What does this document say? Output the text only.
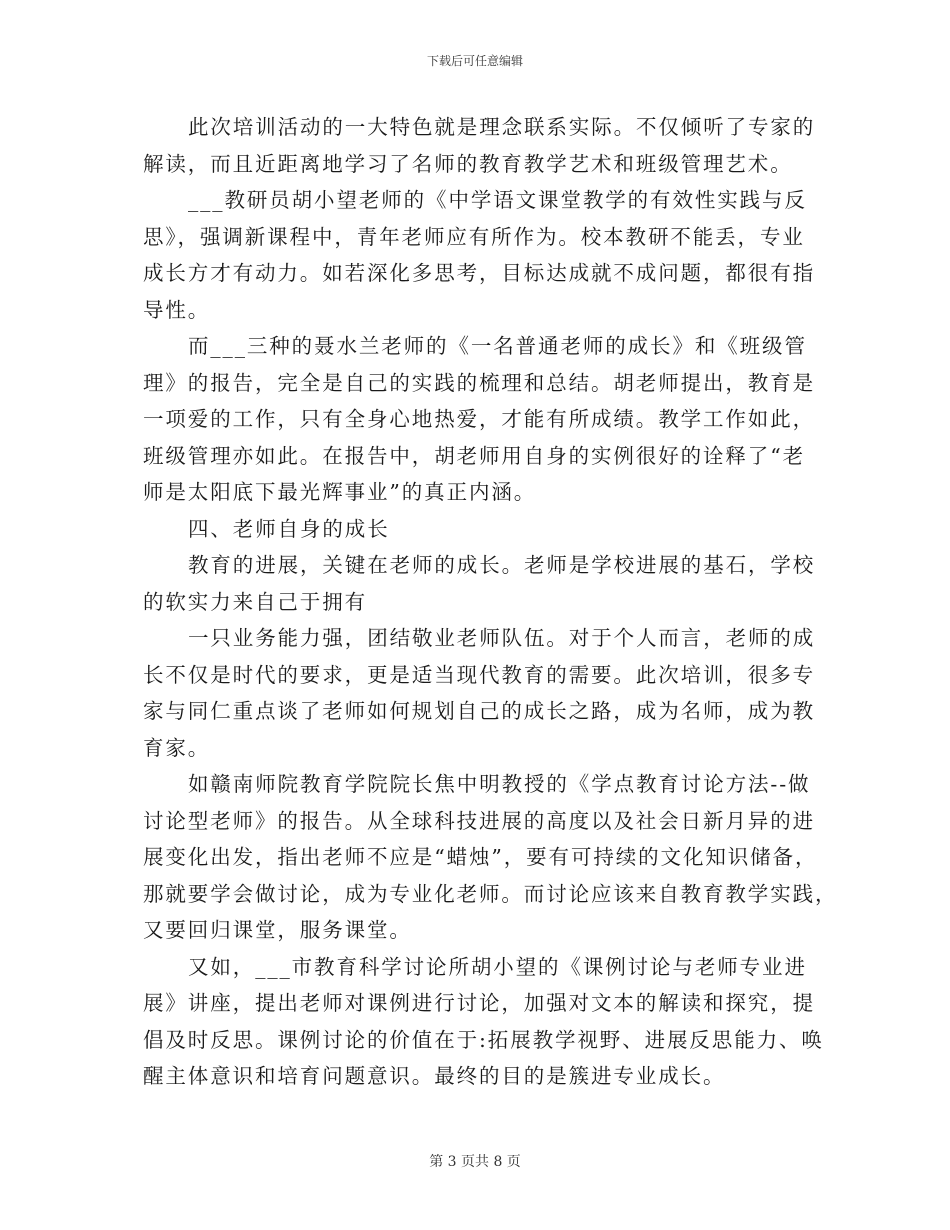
下载后可任意编辑
此次培训活动的一大特色就是理念联系实际。不仅倾听了专家的
解读，而且近距离地学习了名师的教育教学艺术和班级管理艺术。
___教研员胡小望老师的《中学语文课堂教学的有效性实践与反
思》，强调新课程中，青年老师应有所作为。校本教研不能丢，专业
成长方才有动力。如若深化多思考，目标达成就不成问题，都很有指
导性。
而___三种的聂水兰老师的《一名普通老师的成长》和《班级管
理》的报告，完全是自己的实践的梳理和总结。胡老师提出，教育是
一项爱的工作，只有全身心地热爱，才能有所成绩。教学工作如此，
班级管理亦如此。在报告中，胡老师用自身的实例很好的诠释了“老
师是太阳底下最光辉事业”的真正内涵。
四、老师自身的成长
教育的进展，关键在老师的成长。老师是学校进展的基石，学校
的软实力来自己于拥有
一只业务能力强，团结敬业老师队伍。对于个人而言，老师的成
长不仅是时代的要求，更是适当现代教育的需要。此次培训，很多专
家与同仁重点谈了老师如何规划自己的成长之路，成为名师，成为教
育家。
如赣南师院教育学院院长焦中明教授的《学点教育讨论方法--做
讨论型老师》的报告。从全球科技进展的高度以及社会日新月异的进
展变化出发，指出老师不应是“蜡烛”，要有可持续的文化知识储备，
那就要学会做讨论，成为专业化老师。而讨论应该来自教育教学实践，
又要回归课堂，服务课堂。
又如，___市教育科学讨论所胡小望的《课例讨论与老师专业进
展》讲座，提出老师对课例进行讨论，加强对文本的解读和探究，提
倡及时反思。课例讨论的价值在于:拓展教学视野、进展反思能力、唤
醒主体意识和培育问题意识。最终的目的是簇进专业成长。
第 3 页共 8 页
